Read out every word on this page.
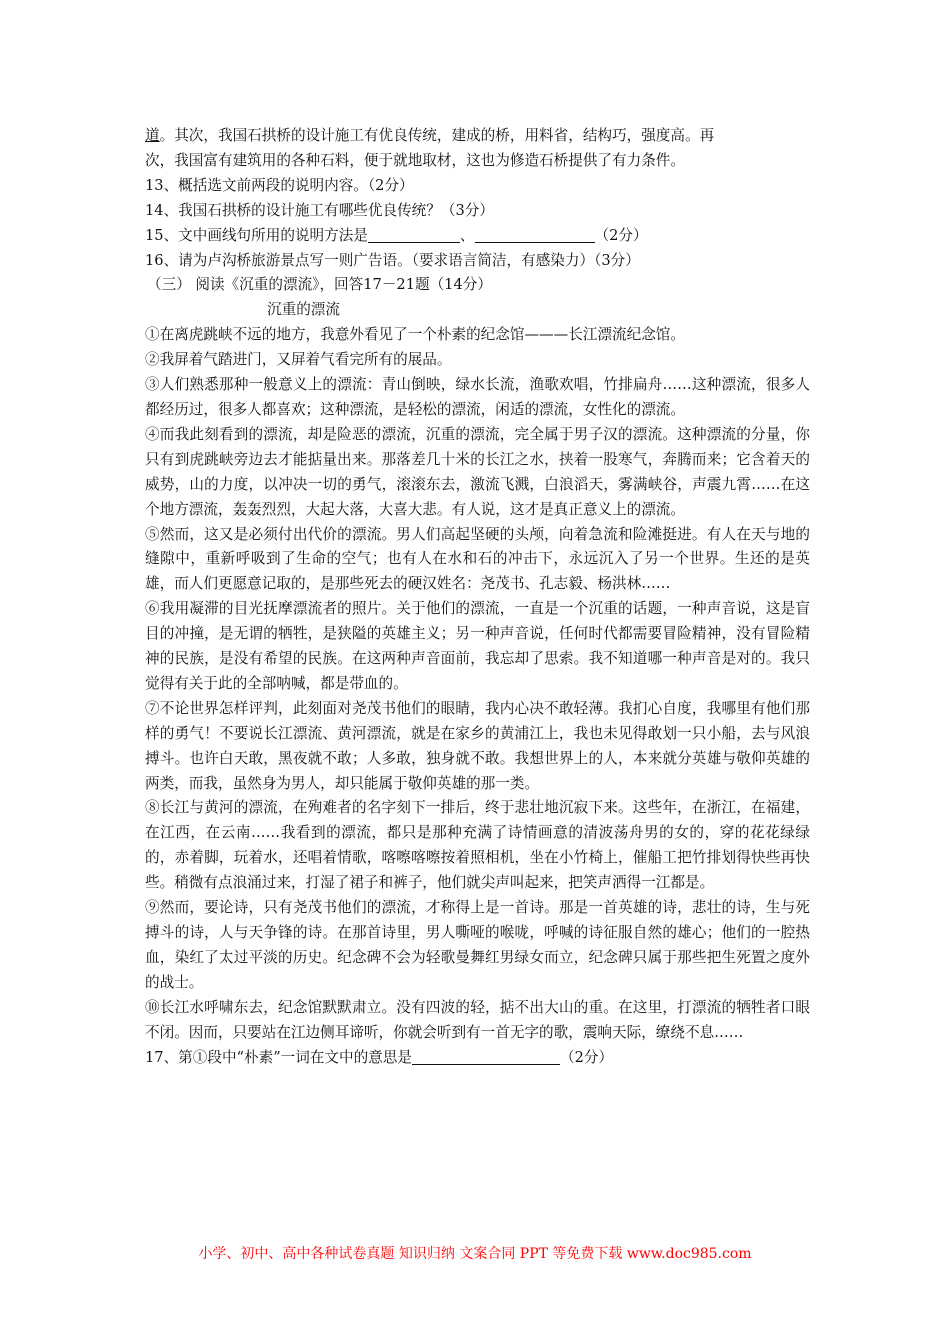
道。其次，我国石拱桥的设计施工有优良传统，建成的桥，用料省，结构巧，强度高。再
次，我国富有建筑用的各种石料，便于就地取材，这也为修造石桥提供了有力条件。
13、概括选文前两段的说明内容。（2分）
14、我国石拱桥的设计施工有哪些优良传统？（3分）
15、文中画线句所用的说明方法是	、	（2分）
16、请为卢沟桥旅游景点写一则广告语。（要求语言简洁，有感染力）（3分）
（三） 阅读《沉重的漂流》，回答17－21题（14分）
沉重的漂流
①在离虎跳峡不远的地方，我意外看见了一个朴素的纪念馆———长江漂流纪念馆。
②我屏着气踏进门，又屏着气看完所有的展品。
③人们熟悉那种一般意义上的漂流：青山倒映，绿水长流，渔歌欢唱，竹排扁舟……这种漂流，很多人都经历过，很多人都喜欢；这种漂流，是轻松的漂流，闲适的漂流，女性化的漂流。
④而我此刻看到的漂流，却是险恶的漂流，沉重的漂流，完全属于男子汉的漂流。这种漂流的分量，你只有到虎跳峡旁边去才能掂量出来。那落差几十米的长江之水，挟着一股寒气，奔腾而来；它含着天的威势，山的力度，以冲决一切的勇气，滚滚东去，激流飞溅，白浪滔天，雾满峡谷，声震九霄……在这个地方漂流，轰轰烈烈，大起大落，大喜大悲。有人说，这才是真正意义上的漂流。
⑤然而，这又是必须付出代价的漂流。男人们高起坚硬的头颅，向着急流和险滩挺进。有人在天与地的缝隙中，重新呼吸到了生命的空气；也有人在水和石的冲击下，永远沉入了另一个世界。生还的是英雄，而人们更愿意记取的，是那些死去的硬汉姓名：尧茂书、孔志毅、杨洪林……
⑥我用凝滞的目光抚摩漂流者的照片。关于他们的漂流，一直是一个沉重的话题，一种声音说，这是盲目的冲撞，是无谓的牺牲，是狭隘的英雄主义；另一种声音说，任何时代都需要冒险精神，没有冒险精神的民族，是没有希望的民族。在这两种声音面前，我忘却了思索。我不知道哪一种声音是对的。我只觉得有关于此的全部呐喊，都是带血的。
⑦不论世界怎样评判，此刻面对尧茂书他们的眼睛，我内心决不敢轻薄。我扪心自度，我哪里有他们那样的勇气！不要说长江漂流、黄河漂流，就是在家乡的黄浦江上，我也未见得敢划一只小船，去与风浪搏斗。也许白天敢，黑夜就不敢；人多敢，独身就不敢。我想世界上的人，本来就分英雄与敬仰英雄的两类，而我，虽然身为男人，却只能属于敬仰英雄的那一类。
⑧长江与黄河的漂流，在殉难者的名字刻下一排后，终于悲壮地沉寂下来。这些年，在浙江，在福建，在江西，在云南……我看到的漂流，都只是那种充满了诗情画意的清波荡舟男的女的，穿的花花绿绿的，赤着脚，玩着水，还唱着情歌，喀嚓喀嚓按着照相机，坐在小竹椅上，催船工把竹排划得快些再快些。稍微有点浪涌过来，打湿了裙子和裤子，他们就尖声叫起来，把笑声洒得一江都是。
⑨然而，要论诗，只有尧茂书他们的漂流，才称得上是一首诗。那是一首英雄的诗，悲壮的诗，生与死搏斗的诗，人与天争锋的诗。在那首诗里，男人嘶哑的喉咙，呼喊的诗征服自然的雄心；他们的一腔热血，染红了太过平淡的历史。纪念碑不会为轻歌曼舞红男绿女而立，纪念碑只属于那些把生死置之度外的战士。
⑩长江水呼啸东去，纪念馆默默肃立。没有四波的轻，掂不出大山的重。在这里，打漂流的牺牲者口眼不闭。因而，只要站在江边侧耳谛听，你就会听到有一首无字的歌，震响天际，缭绕不息……
17、第①段中“朴素”一词在文中的意思是	（2分）
小学、初中、高中各种试卷真题 知识归纳 文案合同 PPT 等免费下载 www.doc985.com
